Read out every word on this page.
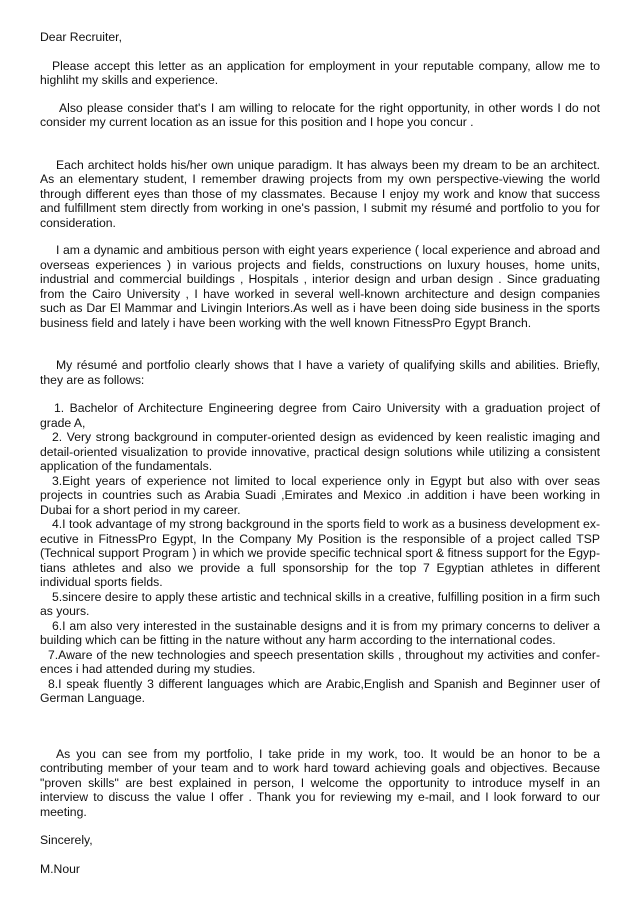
Dear Recruiter,

Please accept this letter as an application for employment in your reputable company, allow me to highliht my skills and experience.

Also please consider that's I am willing to relocate for the right opportunity, in other words I do not consider my current location as an issue for this position and I hope you concur .

Each architect holds his/her own unique paradigm. It has always been my dream to be an architect. As an elementary student, I remember drawing projects from my own perspective-viewing the world through different eyes than those of my classmates. Because I enjoy my work and know that success and fulfillment stem directly from working in one's passion, I submit my résumé and portfolio to you for consideration.

I am a dynamic and ambitious person with eight years experience ( local experience and abroad and overseas experiences ) in various projects and fields, constructions on luxury houses, home units, industrial and commercial buildings , Hospitals , interior design and urban design . Since graduating from the Cairo University , I have worked in several well-known architecture and design companies such as Dar El Mammar and Livingin Interiors.As well as i have been doing side business in the sports business field and lately i have been working with the well known FitnessPro Egypt Branch.

My résumé and portfolio clearly shows that I have a variety of qualifying skills and abilities. Briefly, they are as follows:

1. Bachelor of Architecture Engineering degree from Cairo University with a graduation project of grade A,

2. Very strong background in computer-oriented design as evidenced by keen realistic imaging and detail-oriented visualization to provide innovative, practical design solutions while utilizing a consistent application of the fundamentals.

3.Eight years of experience not limited to local experience only in Egypt but also with over seas projects in countries such as Arabia Suadi ,Emirates and Mexico .in addition i have been working in Dubai for a short period in my career.

4.I took advantage of my strong background in the sports field to work as a business development executive in FitnessPro Egypt, In the Company My Position is the responsible of a project called TSP (Technical support Program ) in which we provide specific technical sport & fitness support for the Egyptians athletes and also we provide a full sponsorship for the top 7 Egyptian athletes in different individual sports fields.

5.sincere desire to apply these artistic and technical skills in a creative, fulfilling position in a firm such as yours.

6.I am also very interested in the sustainable designs and it is from my primary concerns to deliver a building which can be fitting in the nature without any harm according to the international codes.

7.Aware of the new technologies and speech presentation skills , throughout my activities and conferences i had attended during my studies.

8.I speak fluently 3 different languages which are Arabic,English and Spanish and Beginner user of German Language.

As you can see from my portfolio, I take pride in my work, too. It would be an honor to be a contributing member of your team and to work hard toward achieving goals and objectives. Because "proven skills" are best explained in person, I welcome the opportunity to introduce myself in an interview to discuss the value I offer . Thank you for reviewing my e-mail, and I look forward to our meeting.

Sincerely,

M.Nour
